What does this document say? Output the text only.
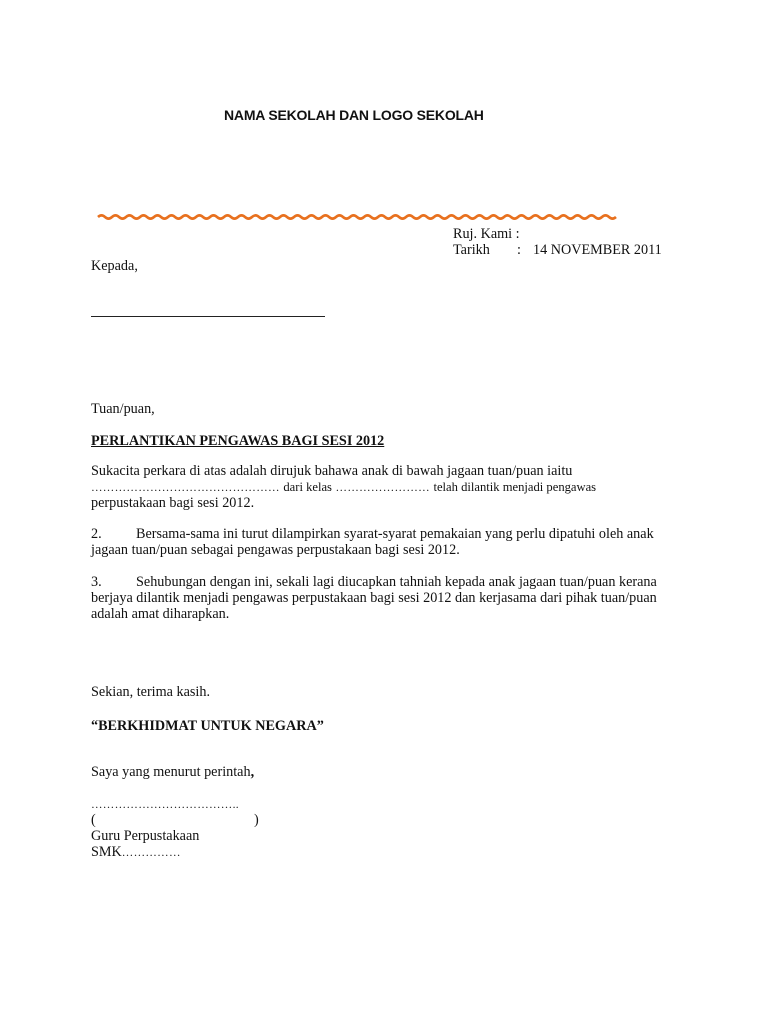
NAMA SEKOLAH DAN LOGO SEKOLAH
Ruj. Kami :
Tarikh : 14 NOVEMBER 2011
Kepada,
Tuan/puan,
PERLANTIKAN PENGAWAS BAGI SESI 2012
Sukacita perkara di atas adalah dirujuk bahawa anak di bawah jagaan tuan/puan iaitu
………………………………………… dari kelas …………………… telah dilantik menjadi pengawas
perpustakaan bagi sesi 2012.
2. Bersama-sama ini turut dilampirkan syarat-syarat pemakaian yang perlu dipatuhi oleh anak
jagaan tuan/puan sebagai pengawas perpustakaan bagi sesi 2012.
3. Sehubungan dengan ini, sekali lagi diucapkan tahniah kepada anak jagaan tuan/puan kerana
berjaya dilantik menjadi pengawas perpustakaan bagi sesi 2012 dan kerjasama dari pihak tuan/puan
adalah amat diharapkan.
Sekian, terima kasih.
“BERKHIDMAT UNTUK NEGARA”
Saya yang menurut perintah,
………………………………..
(	)
Guru Perpustakaan
SMK……………
